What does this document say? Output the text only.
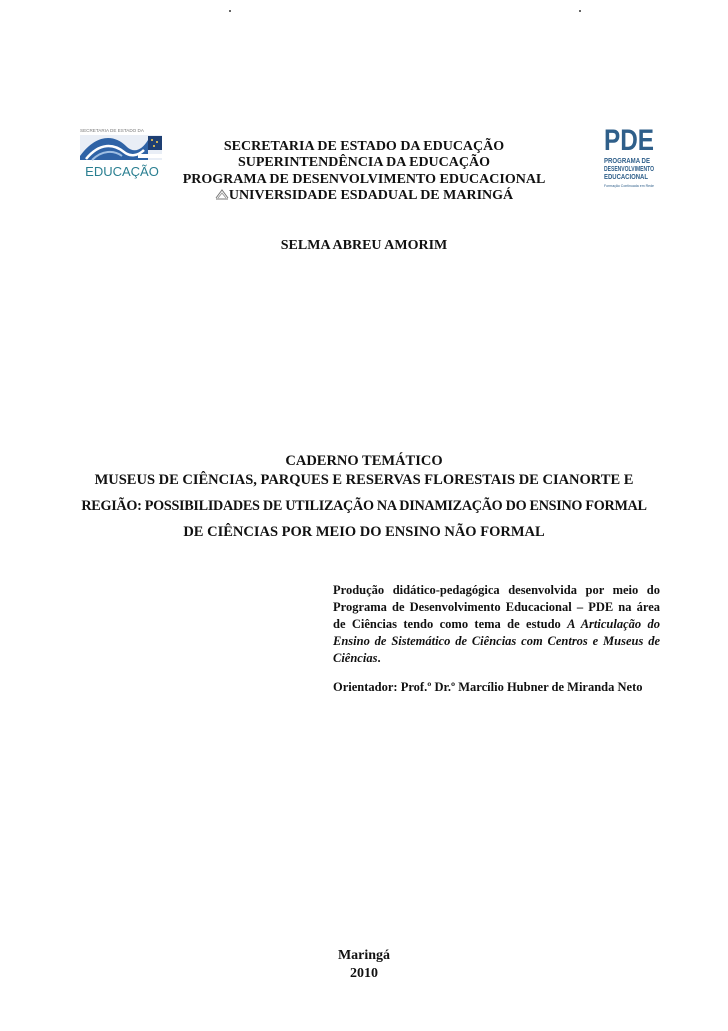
SECRETARIA DE ESTADO DA
EDUCAÇÃO
PDE
PROGRAMA DE
DESENVOLVIMENTO
EDUCACIONAL
Formação Continuada em Rede
SECRETARIA DE ESTADO DA EDUCAÇÃO
SUPERINTENDÊNCIA DA EDUCAÇÃO
PROGRAMA DE DESENVOLVIMENTO EDUCACIONAL
UNIVERSIDADE ESDADUAL DE MARINGÁ
SELMA ABREU AMORIM
CADERNO TEMÁTICO
MUSEUS DE CIÊNCIAS, PARQUES E RESERVAS FLORESTAIS DE CIANORTE E
REGIÃO: POSSIBILIDADES DE UTILIZAÇÃO NA DINAMIZAÇÃO DO ENSINO FORMAL
DE CIÊNCIAS POR MEIO DO ENSINO NÃO FORMAL
Produção didático-pedagógica desenvolvida por meio do Programa de Desenvolvimento Educacional – PDE na área de Ciências tendo como tema de estudo A Articulação do Ensino de Sistemático de Ciências com Centros e Museus de Ciências.
Orientador: Prof.º Dr.º Marcílio Hubner de Miranda Neto
Maringá
2010
